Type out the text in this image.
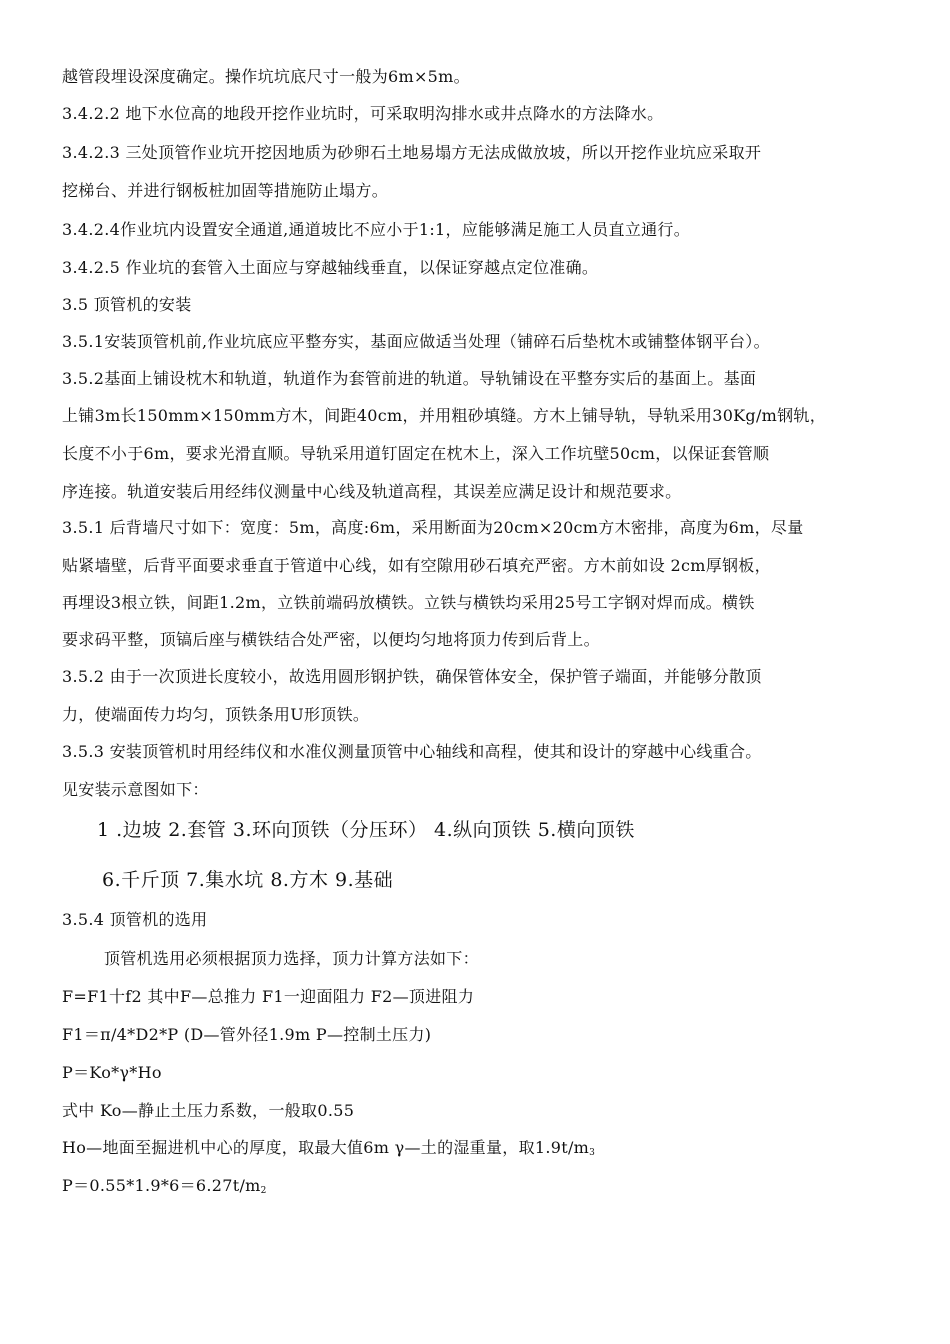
越管段埋设深度确定。操作坑坑底尺寸一般为6m×5m。
3.4.2.2 地下水位高的地段开挖作业坑时，可采取明沟排水或井点降水的方法降水。
3.4.2.3 三处顶管作业坑开挖因地质为砂卵石土地易塌方无法成做放坡，所以开挖作业坑应采取开
挖梯台、并进行钢板桩加固等措施防止塌方。
3.4.2.4作业坑内设置安全通道,通道坡比不应小于1:1，应能够满足施工人员直立通行。
3.4.2.5 作业坑的套管入土面应与穿越轴线垂直，以保证穿越点定位准确。
3.5 顶管机的安装
3.5.1安装顶管机前,作业坑底应平整夯实，基面应做适当处理（铺碎石后垫枕木或铺整体钢平台）。
3.5.2基面上铺设枕木和轨道，轨道作为套管前进的轨道。导轨铺设在平整夯实后的基面上。基面
上铺3m长150mm×150mm方木，间距40cm，并用粗砂填缝。方木上铺导轨，导轨采用30Kg/m钢轨，
长度不小于6m，要求光滑直顺。导轨采用道钉固定在枕木上，深入工作坑壁50cm，以保证套管顺
序连接。轨道安装后用经纬仪测量中心线及轨道高程，其误差应满足设计和规范要求。
3.5.1 后背墙尺寸如下：宽度：5m，高度:6m，采用断面为20cm×20cm方木密排，高度为6m，尽量
贴紧墙壁，后背平面要求垂直于管道中心线，如有空隙用砂石填充严密。方木前如设 2cm厚钢板，
再埋设3根立铁，间距1.2m，立铁前端码放横铁。立铁与横铁均采用25号工字钢对焊而成。横铁
要求码平整，顶镐后座与横铁结合处严密，以便均匀地将顶力传到后背上。
3.5.2 由于一次顶进长度较小，故选用圆形钢护铁，确保管体安全，保护管子端面，并能够分散顶
力，使端面传力均匀，顶铁条用U形顶铁。
3.5.3 安装顶管机时用经纬仪和水准仪测量顶管中心轴线和高程，使其和设计的穿越中心线重合。
见安装示意图如下：
1 .边坡 2.套管 3.环向顶铁（分压环） 4.纵向顶铁 5.横向顶铁
6.千斤顶 7.集水坑 8.方木 9.基础
3.5.4 顶管机的选用
顶管机选用必须根据顶力选择，顶力计算方法如下：
F=F1十f2 其中F—总推力 F1一迎面阻力 F2—顶进阻力
F1＝π/4*D2*P (D—管外径1.9m P—控制土压力)
P＝Ko*γ*Ho
式中 Ko—静止土压力系数，一般取0.55
Ho—地面至掘进机中心的厚度，取最大值6m γ—土的湿重量，取$1.9t/m_3$
$P=0.55*1.9*6=6.27t/m_2$
